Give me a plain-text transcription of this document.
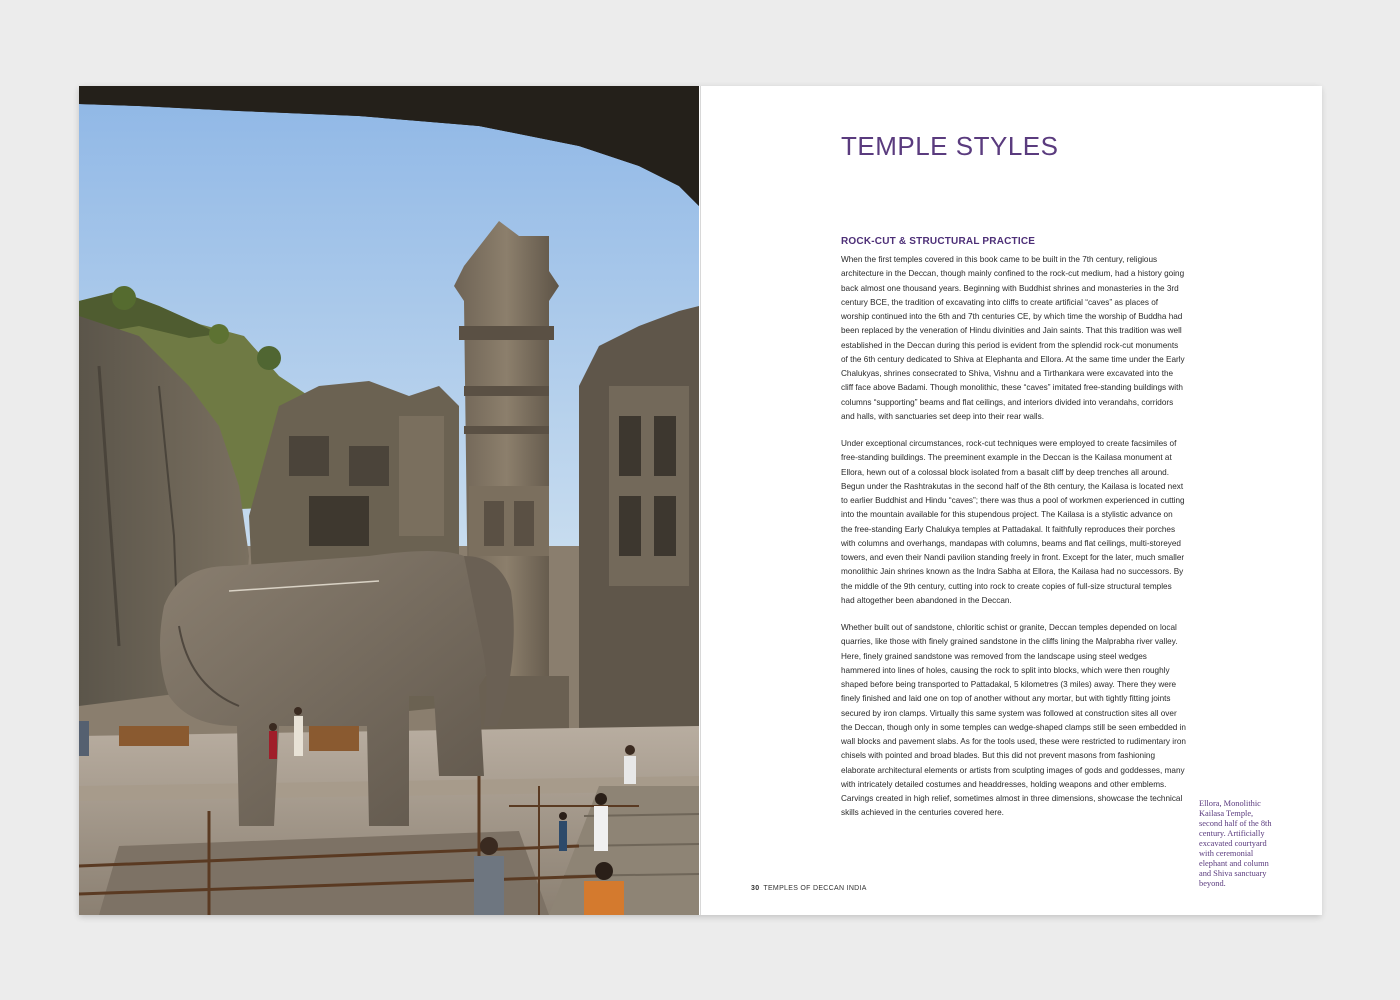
TEMPLE STYLES
ROCK-CUT & STRUCTURAL PRACTICE

When the first temples covered in this book came to be built in the 7th century, religious architecture in the Deccan, though mainly confined to the rock-cut medium, had a history going back almost one thousand years. Beginning with Buddhist shrines and monasteries in the 3rd century BCE, the tradition of excavating into cliffs to create artificial “caves” as places of worship continued into the 6th and 7th centuries CE, by which time the worship of Buddha had been replaced by the veneration of Hindu divinities and Jain saints. That this tradition was well established in the Deccan during this period is evident from the splendid rock-cut monuments of the 6th century dedicated to Shiva at Elephanta and Ellora. At the same time under the Early Chalukyas, shrines consecrated to Shiva, Vishnu and a Tirthankara were excavated into the cliff face above Badami. Though monolithic, these “caves” imitated free-standing buildings with columns “supporting” beams and flat ceilings, and interiors divided into verandahs, corridors and halls, with sanctuaries set deep into their rear walls.

Under exceptional circumstances, rock-cut techniques were employed to create facsimiles of free-standing buildings. The preeminent example in the Deccan is the Kailasa monument at Ellora, hewn out of a colossal block isolated from a basalt cliff by deep trenches all around. Begun under the Rashtrakutas in the second half of the 8th century, the Kailasa is located next to earlier Buddhist and Hindu “caves”; there was thus a pool of workmen experienced in cutting into the mountain available for this stupendous project. The Kailasa is a stylistic advance on the free-standing Early Chalukya temples at Pattadakal. It faithfully reproduces their porches with columns and overhangs, mandapas with columns, beams and flat ceilings, multi-storeyed towers, and even their Nandi pavilion standing freely in front. Except for the later, much smaller monolithic Jain shrines known as the Indra Sabha at Ellora, the Kailasa had no successors. By the middle of the 9th century, cutting into rock to create copies of full-size structural temples had altogether been abandoned in the Deccan.

Whether built out of sandstone, chloritic schist or granite, Deccan temples depended on local quarries, like those with finely grained sandstone in the cliffs lining the Malprabha river valley. Here, finely grained sandstone was removed from the landscape using steel wedges hammered into lines of holes, causing the rock to split into blocks, which were then roughly shaped before being transported to Pattadakal, 5 kilometres (3 miles) away. There they were finely finished and laid one on top of another without any mortar, but with tightly fitting joints secured by iron clamps. Virtually this same system was followed at construction sites all over the Deccan, though only in some temples can wedge-shaped clamps still be seen embedded in wall blocks and pavement slabs. As for the tools used, these were restricted to rudimentary iron chisels with pointed and broad blades. But this did not prevent masons from fashioning elaborate architectural elements or artists from sculpting images of gods and goddesses, many with intricately detailed costumes and headdresses, holding weapons and other emblems. Carvings created in high relief, sometimes almost in three dimensions, showcase the technical skills achieved in the centuries covered here.

Ellora, Monolithic Kailasa Temple, second half of the 8th century. Artificially excavated courtyard with ceremonial elephant and column and Shiva sanctuary beyond.
30 TEMPLES OF DECCAN INDIA
